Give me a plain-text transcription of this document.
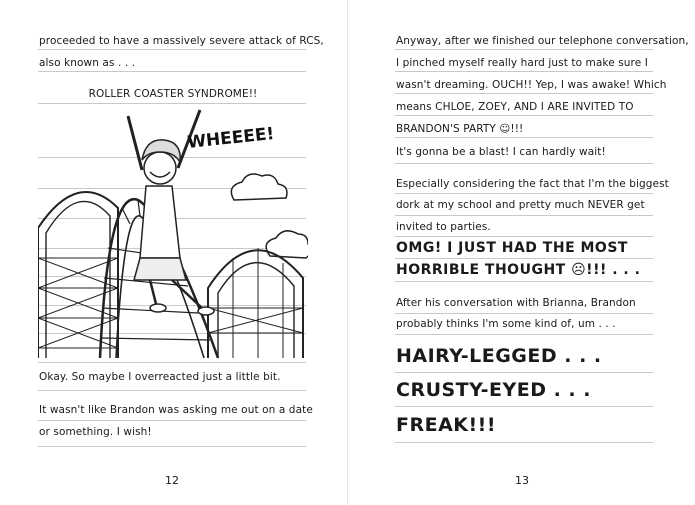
proceeded to have a massively severe attack of RCS,
also known as . . .
ROLLER COASTER SYNDROME!!
WHEEEE!
Okay. So maybe I overreacted just a little bit.
It wasn't like Brandon was asking me out on a date
or something. I wish!
12
Anyway, after we finished our telephone conversation,
I pinched myself really hard just to make sure I
wasn't dreaming. OUCH!! Yep, I was awake! Which
means CHLOE, ZOEY, AND I ARE INVITED TO
BRANDON'S PARTY ☺!!!
It's gonna be a blast! I can hardly wait!
Especially considering the fact that I'm the biggest
dork at my school and pretty much NEVER get
invited to parties.
OMG! I JUST HAD THE MOST
HORRIBLE THOUGHT ☹!!! . . .
After his conversation with Brianna, Brandon
probably thinks I'm some kind of, um . . .
HAIRY-LEGGED . . .
CRUSTY-EYED . . .
FREAK!!!
13
